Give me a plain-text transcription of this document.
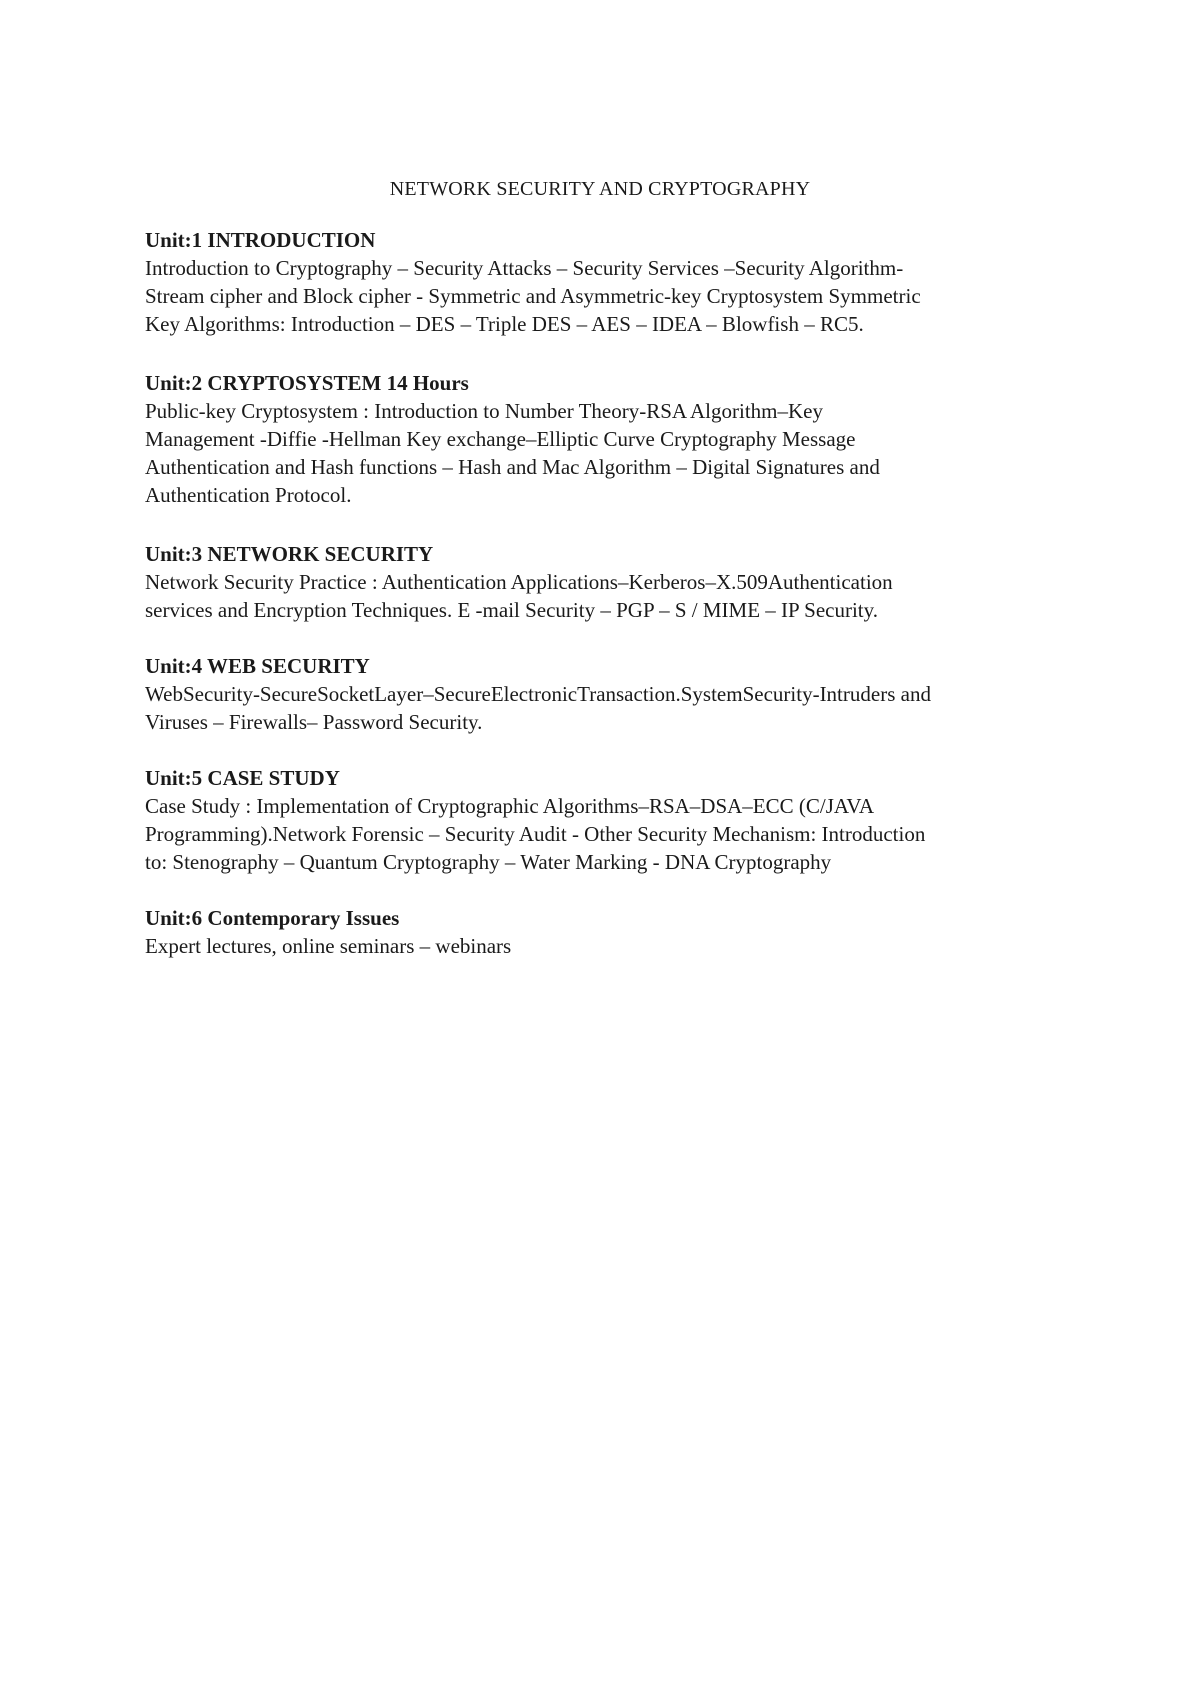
NETWORK SECURITY AND CRYPTOGRAPHY
Unit:1 INTRODUCTION
Introduction to Cryptography – Security Attacks – Security Services –Security Algorithm-
Stream cipher and Block cipher - Symmetric and Asymmetric-key Cryptosystem Symmetric
Key Algorithms: Introduction – DES – Triple DES – AES – IDEA – Blowfish – RC5.
Unit:2 CRYPTOSYSTEM 14 Hours
Public-key Cryptosystem : Introduction to Number Theory-RSA Algorithm–Key
Management -Diffie -Hellman Key exchange–Elliptic Curve Cryptography Message
Authentication and Hash functions – Hash and Mac Algorithm – Digital Signatures and
Authentication Protocol.
Unit:3 NETWORK SECURITY
Network Security Practice : Authentication Applications–Kerberos–X.509Authentication
services and Encryption Techniques. E -mail Security – PGP – S / MIME – IP Security.
Unit:4 WEB SECURITY
WebSecurity-SecureSocketLayer–SecureElectronicTransaction.SystemSecurity-Intruders and
Viruses – Firewalls– Password Security.
Unit:5 CASE STUDY
Case Study : Implementation of Cryptographic Algorithms–RSA–DSA–ECC (C/JAVA
Programming).Network Forensic – Security Audit - Other Security Mechanism: Introduction
to: Stenography – Quantum Cryptography – Water Marking - DNA Cryptography
Unit:6 Contemporary Issues
Expert lectures, online seminars – webinars
